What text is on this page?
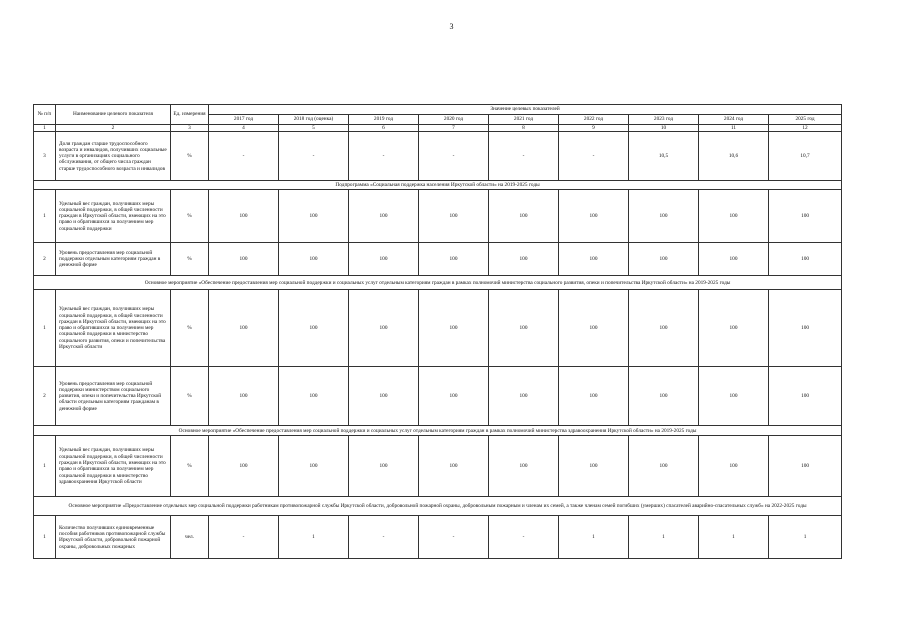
3
№ п/п	Наименование целевого показателя	Ед. измерения	Значение целевых показателей								
			2017 год	2018 год (оценка)	2019 год	2020 год	2021 год	2022 год	2023 год	2024 год	2025 год
1	2	3	4	5	6	7	8	9	10	11	12
3	Доля граждан старше трудоспособного возраста и инвалидов, получивших социальные услуги в организациях социального обслуживания, от общего числа граждан старше трудоспособного возраста и инвалидов	%	-	-	-	-	-	-	10,5	10,6	10,7
Подпрограмма «Социальная поддержка населения Иркутской области» на 2019-2025 годы											
1	Удельный вес граждан, получивших меры социальной поддержки, в общей численности граждан в Иркутской области, имеющих на это право и обратившихся за получением мер социальной поддержки	%	100	100	100	100	100	100	100	100	100
2	Уровень предоставления мер социальной поддержки отдельным категориям граждан в денежной форме	%	100	100	100	100	100	100	100	100	100
Основное мероприятие «Обеспечение предоставления мер социальной поддержки и социальных услуг отдельным категориям граждан в рамках полномочий министерства социального развития, опеки и попечительства Иркутской области» на 2019-2025 годы											
1	Удельный вес граждан, получивших меры социальной поддержки, в общей численности граждан в Иркутской области, имеющих на это право и обратившихся за получением мер социальной поддержки в министерство социального развития, опеки и попечительства Иркутской области	%	100	100	100	100	100	100	100	100	100
2	Уровень предоставления мер социальной поддержки министерством социального развития, опеки и попечительства Иркутской области отдельным категориям гражданам в денежной форме	%	100	100	100	100	100	100	100	100	100
Основное мероприятие «Обеспечение предоставления мер социальной поддержки и социальных услуг отдельным категориям граждан в рамках полномочий министерства здравоохранения Иркутской области» на 2019-2025 годы											
1	Удельный вес граждан, получивших меры социальной поддержки, в общей численности граждан в Иркутской области, имеющих на это право и обратившихся за получением мер социальной поддержки в министерство здравоохранения Иркутской области	%	100	100	100	100	100	100	100	100	100
Основное мероприятие «Предоставление отдельных мер социальной поддержки работникам противопожарной службы Иркутской области, добровольной пожарной охраны, добровольным пожарным и членам их семей, а также членам семей погибших (умерших) спасателей аварийно-спасательных служб» на 2022-2025 годы											
1	Количество получивших единовременные пособия работников противопожарной службы Иркутской области, добровольной пожарной охраны, добровольных пожарных	чел.	-	1	-	-	-	1	1	1	1
